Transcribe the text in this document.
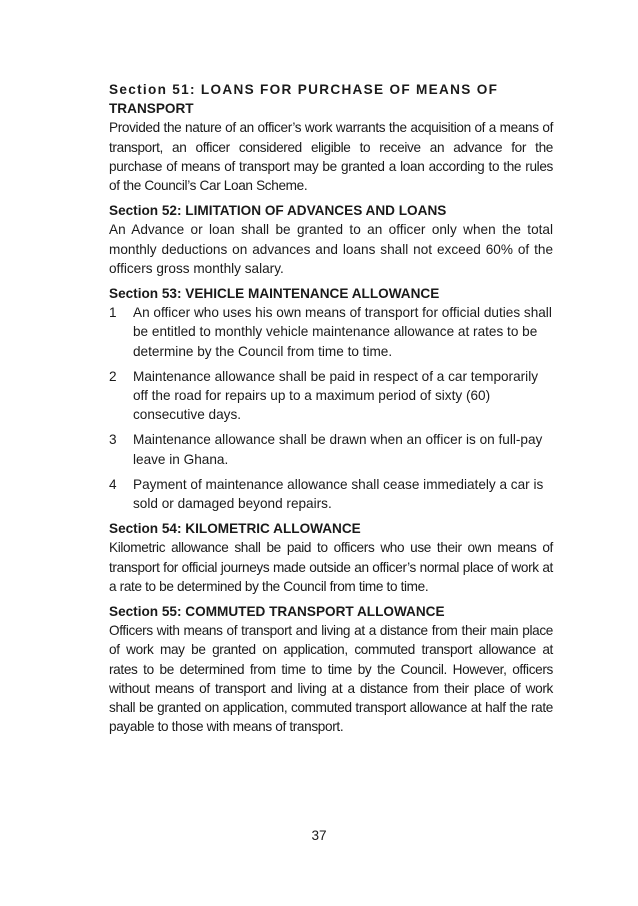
Section 51: LOANS FOR PURCHASE OF MEANS OF

TRANSPORT

Provided the nature of an officer’s work warrants the acquisition of a means of transport, an officer considered eligible to receive an advance for the purchase of means of transport may be granted a loan according to the rules of the Council’s Car Loan Scheme.

Section 52: LIMITATION OF ADVANCES AND LOANS

An Advance or loan shall be granted to an officer only when the total monthly deductions on advances and loans shall not exceed 60% of the officers gross monthly salary.

Section 53: VEHICLE MAINTENANCE ALLOWANCE

1	An officer who uses his own means of transport for official duties shall be entitled to monthly vehicle maintenance allowance at rates to be determine by the Council from time to time.
2	Maintenance allowance shall be paid in respect of a car temporarily off the road for repairs up to a maximum period of sixty (60) consecutive days.
3	Maintenance allowance shall be drawn when an officer is on full-pay leave in Ghana.
4	Payment of maintenance allowance shall cease immediately a car is sold or damaged beyond repairs.

Section 54: KILOMETRIC ALLOWANCE

Kilometric allowance shall be paid to officers who use their own means of transport for official journeys made outside an officer’s normal place of work at a rate to be determined by the Council from time to time.

Section 55: COMMUTED TRANSPORT ALLOWANCE

Officers with means of transport and living at a distance from their main place of work may be granted on application, commuted transport allowance at rates to be determined from time to time by the Council. However, officers without means of transport and living at a distance from their place of work shall be granted on application, commuted transport allowance at half the rate payable to those with means of transport.

37
